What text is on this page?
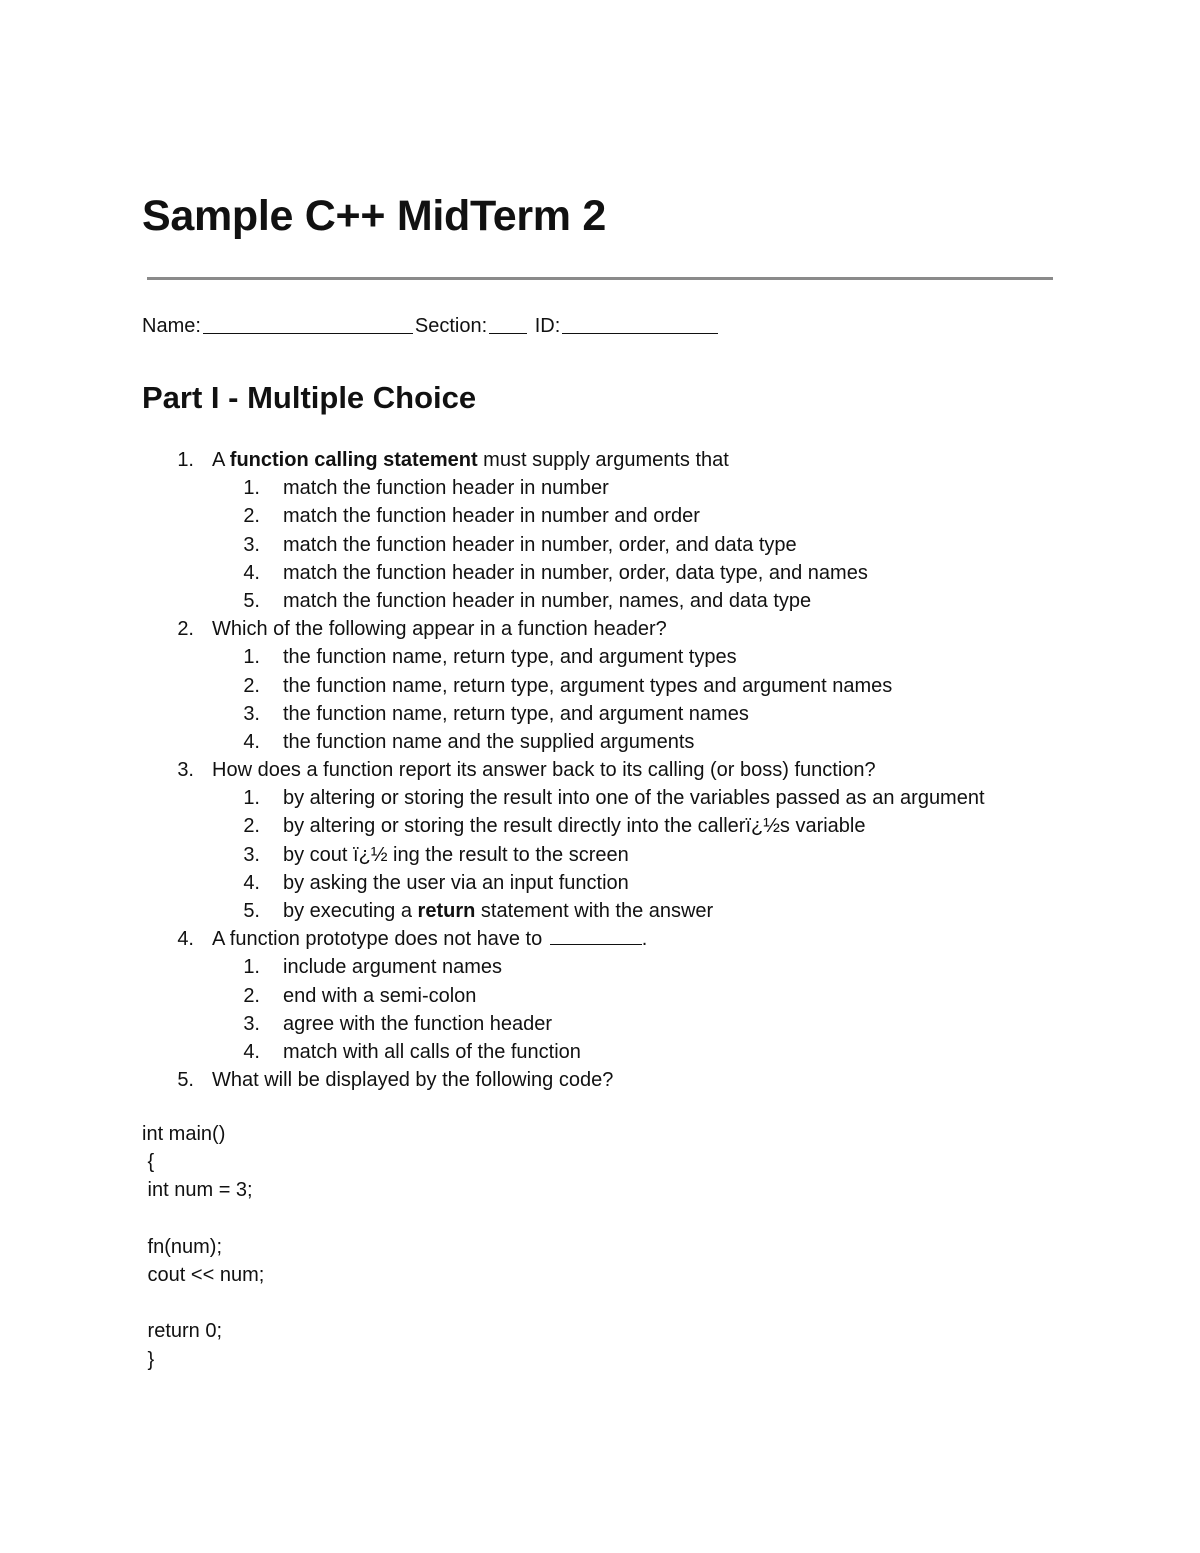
Sample C++ MidTerm 2
Name:	Section: ID:
Part I - Multiple Choice
1. A function calling statement must supply arguments that
1. match the function header in number
2. match the function header in number and order
3. match the function header in number, order, and data type
4. match the function header in number, order, data type, and names
5. match the function header in number, names, and data type
2. Which of the following appear in a function header?
1. the function name, return type, and argument types
2. the function name, return type, argument types and argument names
3. the function name, return type, and argument names
4. the function name and the supplied arguments
3. How does a function report its answer back to its calling (or boss) function?
1. by altering or storing the result into one of the variables passed as an argument
2. by altering or storing the result directly into the callerï¿½s variable
3. by cout ï¿½ ing the result to the screen
4. by asking the user via an input function
5. by executing a return statement with the answer
4. A function prototype does not have to	.
1. include argument names
2. end with a semi-colon
3. agree with the function header
4. match with all calls of the function
5. What will be displayed by the following code?
int main()
{
int num = 3;
fn(num);
cout << num;
return 0;
}
